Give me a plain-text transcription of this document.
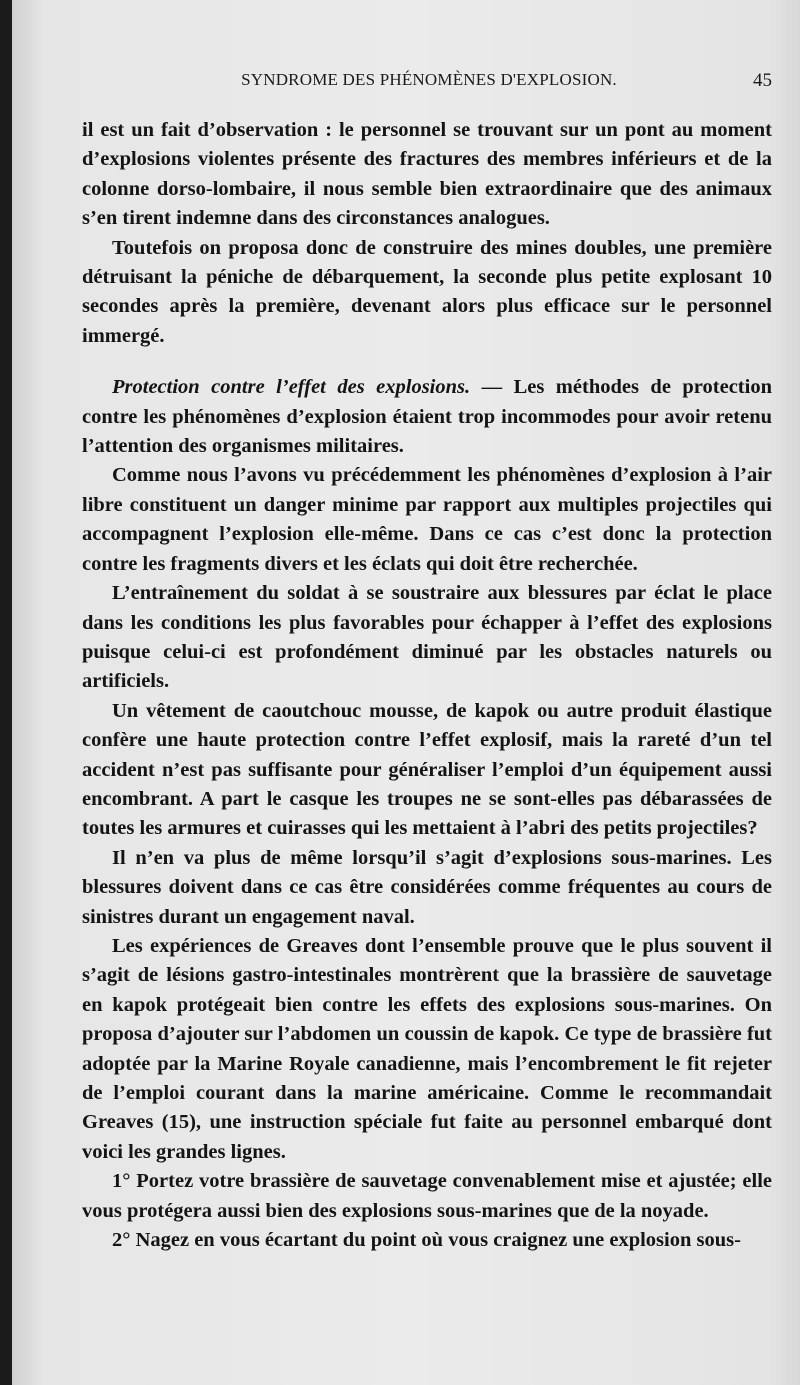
SYNDROME DES PHÉNOMÈNES D'EXPLOSION.	45

il est un fait d’observation : le personnel se trouvant sur un pont au moment d’explosions violentes présente des fractures des membres inférieurs et de la colonne dorso-lombaire, il nous semble bien extraordinaire que des animaux s’en tirent indemne dans des circonstances analogues.

Toutefois on proposa donc de construire des mines doubles, une première détruisant la péniche de débarquement, la seconde plus petite explosant 10 secondes après la première, devenant alors plus efficace sur le personnel immergé.

Protection contre l’effet des explosions. — Les méthodes de protection contre les phénomènes d’explosion étaient trop incommodes pour avoir retenu l’attention des organismes militaires.

Comme nous l’avons vu précédemment les phénomènes d’explosion à l’air libre constituent un danger minime par rapport aux multiples projectiles qui accompagnent l’explosion elle-même. Dans ce cas c’est donc la protection contre les fragments divers et les éclats qui doit être recherchée.

L’entraînement du soldat à se soustraire aux blessures par éclat le place dans les conditions les plus favorables pour échapper à l’effet des explosions puisque celui-ci est profondément diminué par les obstacles naturels ou artificiels.

Un vêtement de caoutchouc mousse, de kapok ou autre produit élastique confère une haute protection contre l’effet explosif, mais la rareté d’un tel accident n’est pas suffisante pour généraliser l’emploi d’un équipement aussi encombrant. A part le casque les troupes ne se sont-elles pas débarassées de toutes les armures et cuirasses qui les mettaient à l’abri des petits projectiles?

Il n’en va plus de même lorsqu’il s’agit d’explosions sous-marines. Les blessures doivent dans ce cas être considérées comme fréquentes au cours de sinistres durant un engagement naval.

Les expériences de Greaves dont l’ensemble prouve que le plus souvent il s’agit de lésions gastro-intestinales montrèrent que la brassière de sauvetage en kapok protégeait bien contre les effets des explosions sous-marines. On proposa d’ajouter sur l’abdomen un coussin de kapok. Ce type de brassière fut adoptée par la Marine Royale canadienne, mais l’encombrement le fit rejeter de l’emploi courant dans la marine américaine. Comme le recommandait Greaves (15), une instruction spéciale fut faite au personnel embarqué dont voici les grandes lignes.

1° Portez votre brassière de sauvetage convenablement mise et ajustée; elle vous protégera aussi bien des explosions sous-marines que de la noyade.

2° Nagez en vous écartant du point où vous craignez une explosion sous-
